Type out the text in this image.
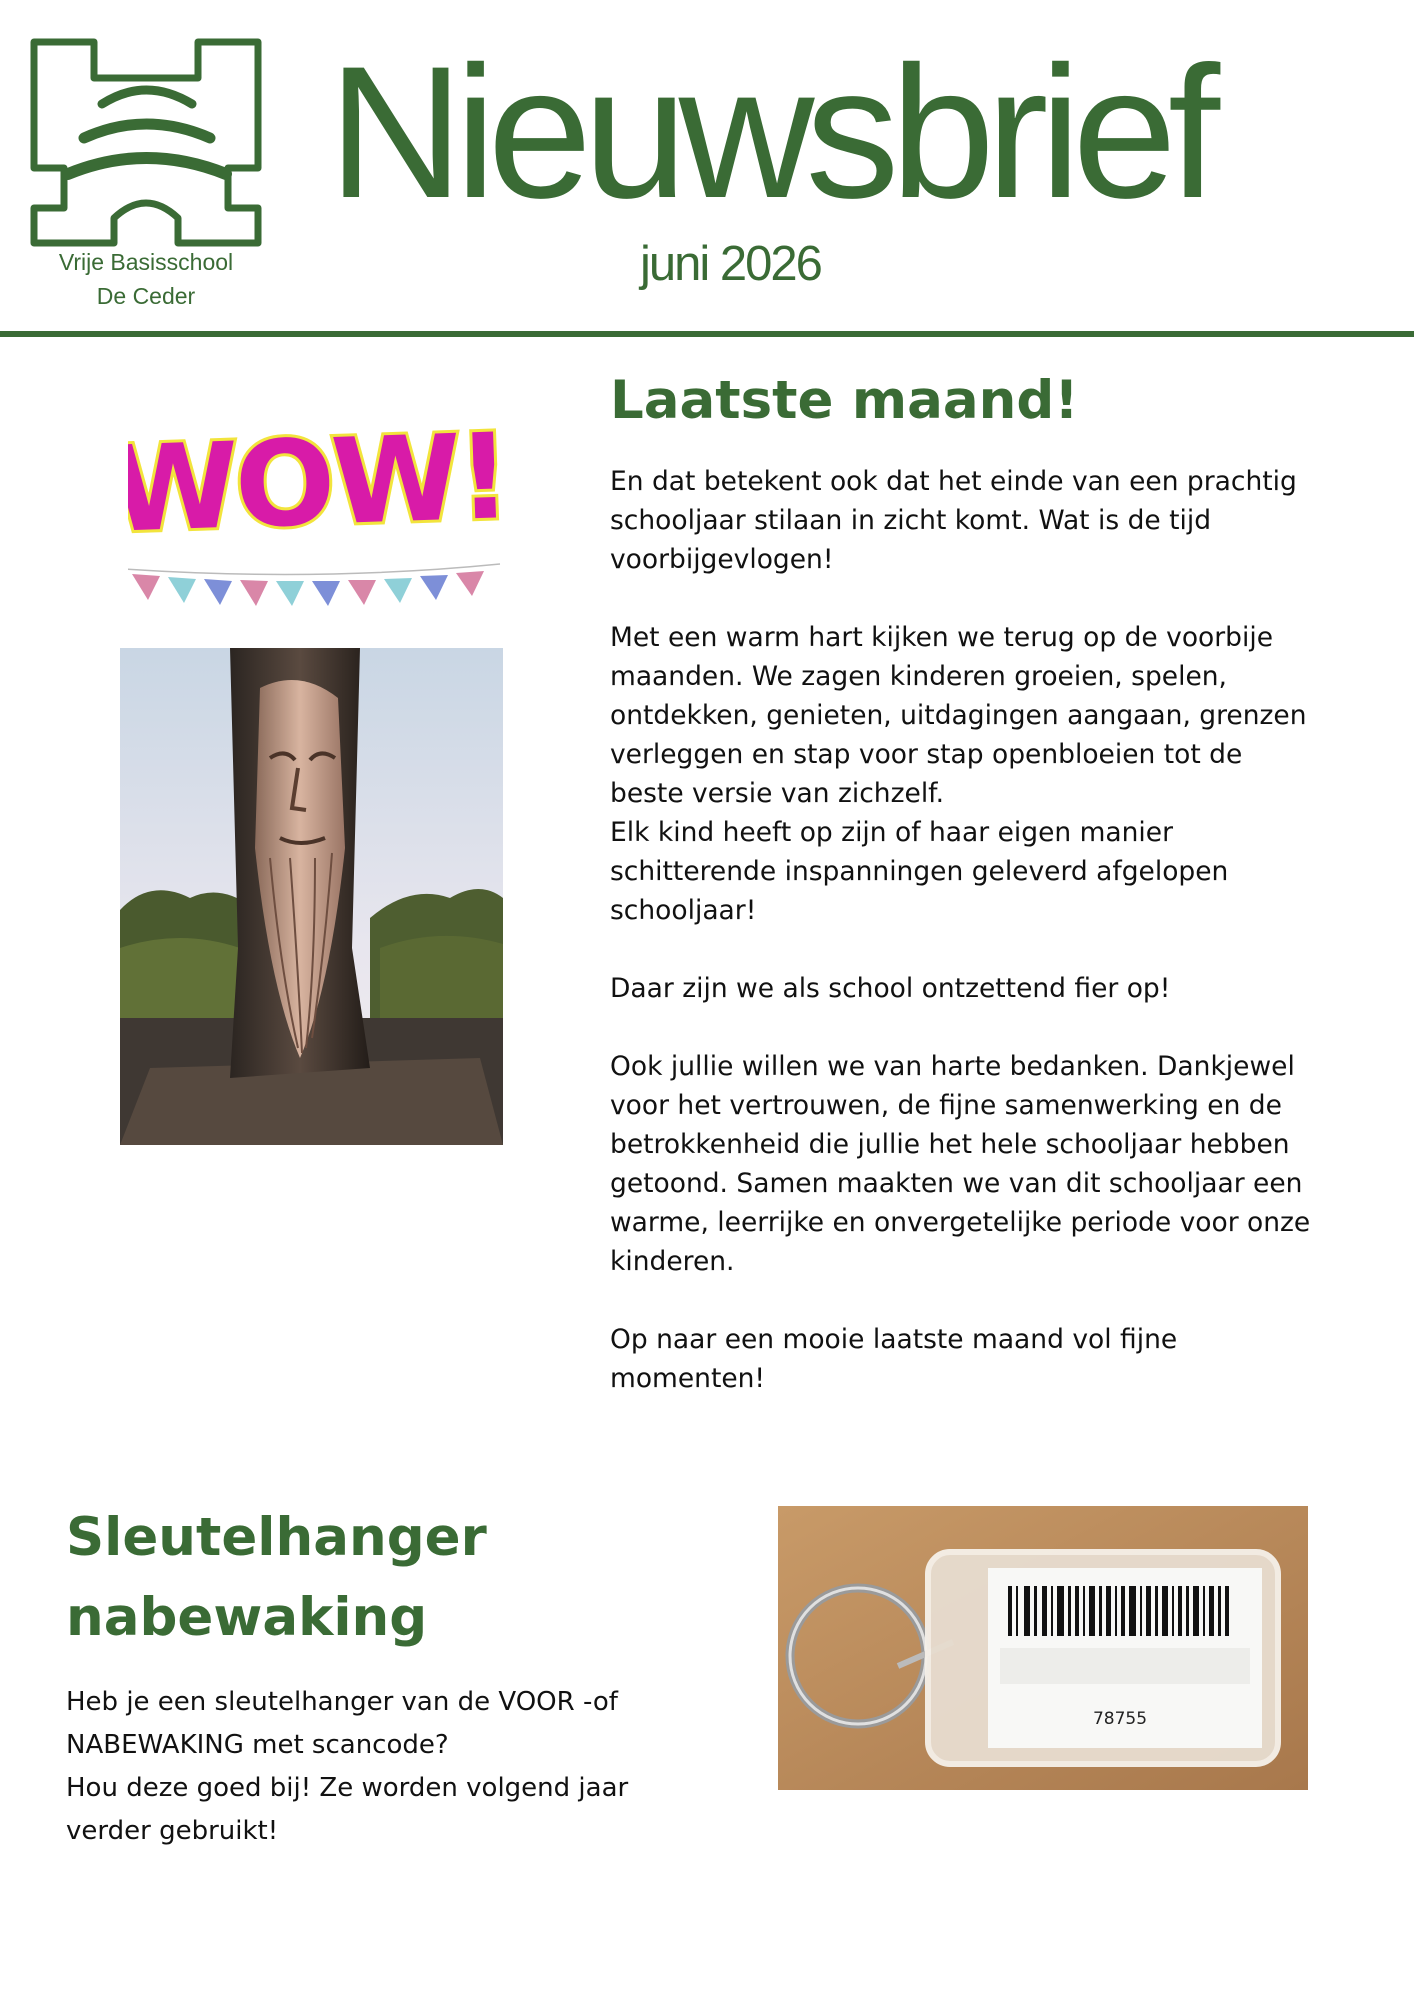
Vrije Basisschool
De Ceder
Nieuwsbrief
juni 2026
WOW!
Laatste maand!

En dat betekent ook dat het einde van een prachtig
schooljaar stilaan in zicht komt. Wat is de tijd
voorbijgevlogen!

Met een warm hart kijken we terug op de voorbije
maanden. We zagen kinderen groeien, spelen,
ontdekken, genieten, uitdagingen aangaan, grenzen
verleggen en stap voor stap openbloeien tot de
beste versie van zichzelf.
Elk kind heeft op zijn of haar eigen manier
schitterende inspanningen geleverd afgelopen
schooljaar!

Daar zijn we als school ontzettend fier op!

Ook jullie willen we van harte bedanken. Dankjewel
voor het vertrouwen, de fijne samenwerking en de
betrokkenheid die jullie het hele schooljaar hebben
getoond. Samen maakten we van dit schooljaar een
warme, leerrijke en onvergetelijke periode voor onze
kinderen.

Op naar een mooie laatste maand vol fijne
momenten!

Sleutelhanger
nabewaking
Heb je een sleutelhanger van de VOOR -of
NABEWAKING met scancode?
Hou deze goed bij! Ze worden volgend jaar
verder gebruikt!
78755
